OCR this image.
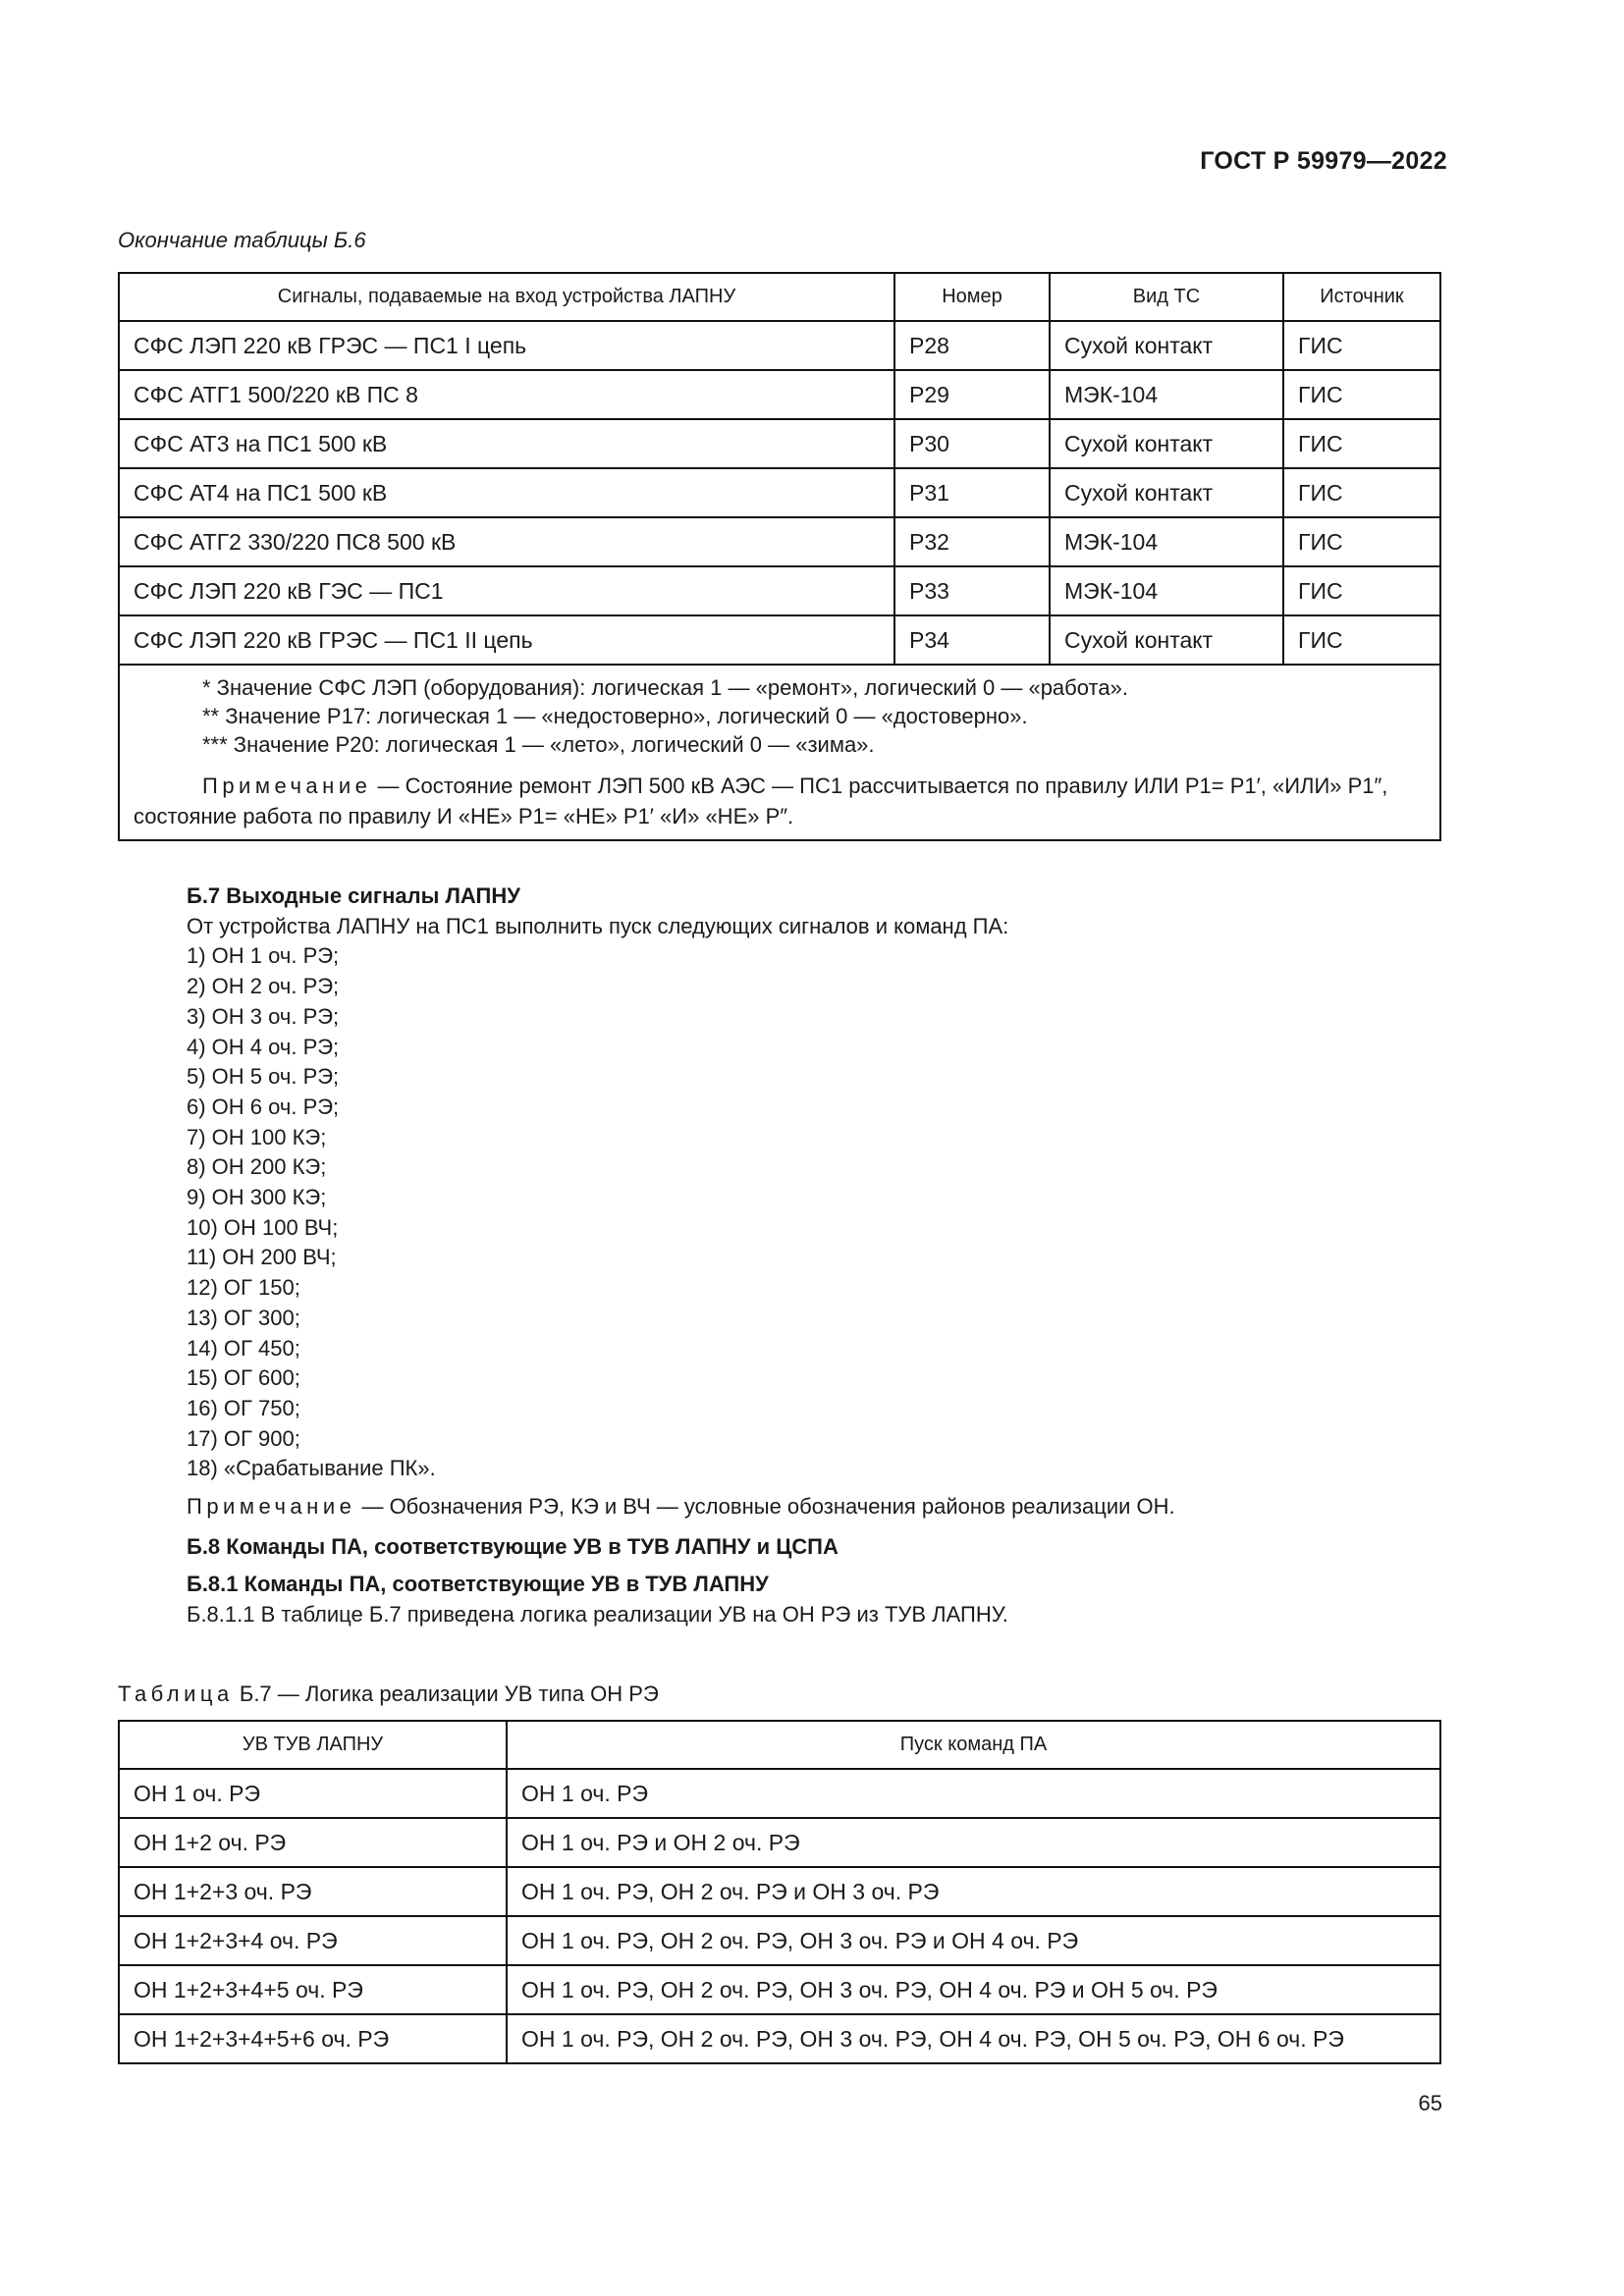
ГОСТ Р 59979—2022
Окончание таблицы Б.6
Сигналы, подаваемые на вход устройства ЛАПНУ	Номер	Вид ТС	Источник
СФС ЛЭП 220 кВ ГРЭС — ПС1 I цепь	P28	Сухой контакт	ГИС
СФС АТГ1 500/220 кВ ПС 8	P29	МЭК-104	ГИС
СФС АТ3 на ПС1 500 кВ	P30	Сухой контакт	ГИС
СФС АТ4 на ПС1 500 кВ	P31	Сухой контакт	ГИС
СФС АТГ2 330/220 ПС8 500 кВ	P32	МЭК-104	ГИС
СФС ЛЭП 220 кВ ГЭС — ПС1	P33	МЭК-104	ГИС
СФС ЛЭП 220 кВ ГРЭС — ПС1 II цепь	P34	Сухой контакт	ГИС

* Значение СФС ЛЭП (оборудования): логическая 1 — «ремонт», логический 0 — «работа».
** Значение P17: логическая 1 — «недостоверно», логический 0 — «достоверно».
*** Значение P20: логическая 1 — «лето», логический 0 — «зима».
Примечание — Состояние ремонт ЛЭП 500 кВ АЭС — ПС1 рассчитывается по правилу ИЛИ P1= P1′, «ИЛИ» P1″, состояние работа по правилу И «НЕ» P1= «НЕ» P1′ «И» «НЕ» P″.			
Б.7 Выходные сигналы ЛАПНУ
От устройства ЛАПНУ на ПС1 выполнить пуск следующих сигналов и команд ПА:
1) ОН 1 оч. РЭ;
2) ОН 2 оч. РЭ;
3) ОН 3 оч. РЭ;
4) ОН 4 оч. РЭ;
5) ОН 5 оч. РЭ;
6) ОН 6 оч. РЭ;
7) ОН 100 КЭ;
8) ОН 200 КЭ;
9) ОН 300 КЭ;
10) ОН 100 ВЧ;
11) ОН 200 ВЧ;
12) ОГ 150;
13) ОГ 300;
14) ОГ 450;
15) ОГ 600;
16) ОГ 750;
17) ОГ 900;
18) «Срабатывание ПК».
Примечание — Обозначения РЭ, КЭ и ВЧ — условные обозначения районов реализации ОН.
Б.8 Команды ПА, соответствующие УВ в ТУВ ЛАПНУ и ЦСПА
Б.8.1 Команды ПА, соответствующие УВ в ТУВ ЛАПНУ
Б.8.1.1 В таблице Б.7 приведена логика реализации УВ на ОН РЭ из ТУВ ЛАПНУ.
Таблица Б.7 — Логика реализации УВ типа ОН РЭ
УВ ТУВ ЛАПНУ	Пуск команд ПА
ОН 1 оч. РЭ	ОН 1 оч. РЭ
ОН 1+2 оч. РЭ	ОН 1 оч. РЭ и ОН 2 оч. РЭ
ОН 1+2+3 оч. РЭ	ОН 1 оч. РЭ, ОН 2 оч. РЭ и ОН 3 оч. РЭ
ОН 1+2+3+4 оч. РЭ	ОН 1 оч. РЭ, ОН 2 оч. РЭ, ОН 3 оч. РЭ и ОН 4 оч. РЭ
ОН 1+2+3+4+5 оч. РЭ	ОН 1 оч. РЭ, ОН 2 оч. РЭ, ОН 3 оч. РЭ, ОН 4 оч. РЭ и ОН 5 оч. РЭ
ОН 1+2+3+4+5+6 оч. РЭ	ОН 1 оч. РЭ, ОН 2 оч. РЭ, ОН 3 оч. РЭ, ОН 4 оч. РЭ, ОН 5 оч. РЭ, ОН 6 оч. РЭ
65
